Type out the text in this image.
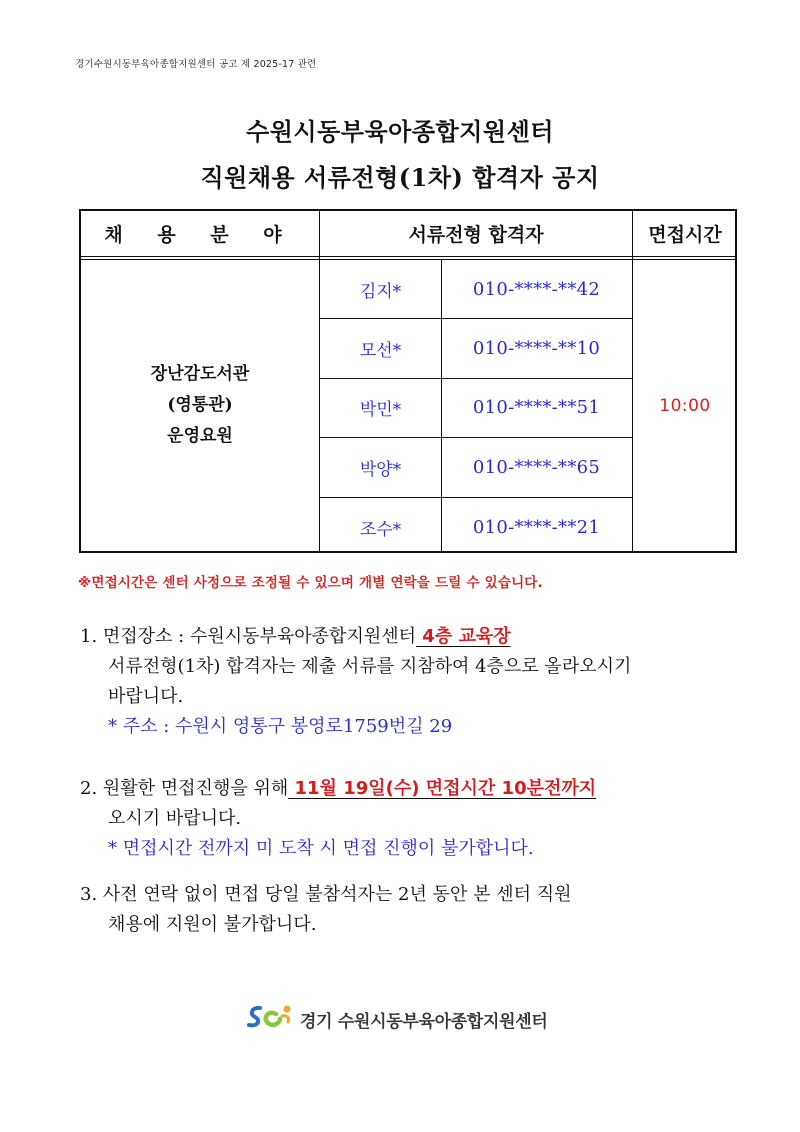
경기수원시동부육아종합지원센터 공고 제 2025-17 관련
수원시동부육아종합지원센터
직원채용 서류전형(1차) 합격자 공지
채 용 분 야	서류전형 합격자	면접시간
장난감도서관
(영통관)
운영요원
김지*	010-****-**42
모선*	010-****-**10
박민*	010-****-**51
박양*	010-****-**65
조수*	010-****-**21
10:00
※면접시간은 센터 사정으로 조정될 수 있으며 개별 연락을 드릴 수 있습니다.
1. 면접장소 : 수원시동부육아종합지원센터 4층 교육장
서류전형(1차) 합격자는 제출 서류를 지참하여 4층으로 올라오시기
바랍니다.
* 주소 : 수원시 영통구 봉영로1759번길 29
2. 원활한 면접진행을 위해 11월 19일(수) 면접시간 10분전까지
오시기 바랍니다.
* 면접시간 전까지 미 도착 시 면접 진행이 불가합니다.
3. 사전 연락 없이 면접 당일 불참석자는 2년 동안 본 센터 직원
채용에 지원이 불가합니다.
경기 수원시동부육아종합지원센터
